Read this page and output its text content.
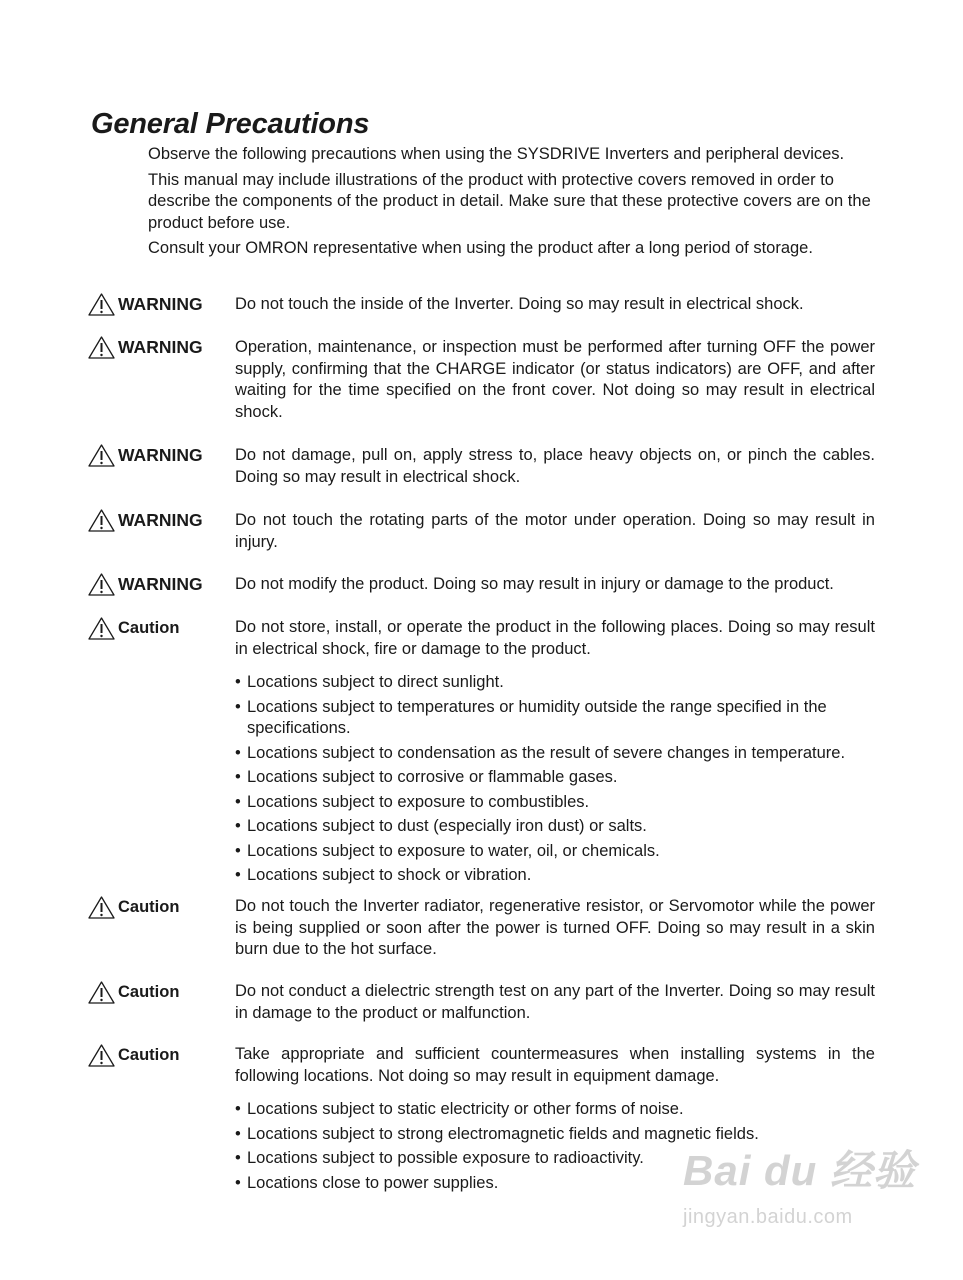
General Precautions

Observe the following precautions when using the SYSDRIVE Inverters and peripheral devices.

This manual may include illustrations of the product with protective covers removed in order to describe the components of the product in detail. Make sure that these protective covers are on the product before use.

Consult your OMRON representative when using the product after a long period of storage.

WARNING Do not touch the inside of the Inverter. Doing so may result in electrical shock.

WARNING Operation, maintenance, or inspection must be performed after turning OFF the power supply, confirming that the CHARGE indicator (or status indicators) are OFF, and after waiting for the time specified on the front cover. Not doing so may result in electrical shock.

WARNING Do not damage, pull on, apply stress to, place heavy objects on, or pinch the cables. Doing so may result in electrical shock.

WARNING Do not touch the rotating parts of the motor under operation. Doing so may result in injury.

WARNING Do not modify the product. Doing so may result in injury or damage to the product.

Caution	Do not store, install, or operate the product in the following places. Doing so may result in electrical shock, fire or damage to the product.

• Locations subject to direct sunlight.
• Locations subject to temperatures or humidity outside the range specified in the specifications.
• Locations subject to condensation as the result of severe changes in temperature.
• Locations subject to corrosive or flammable gases.
• Locations subject to exposure to combustibles.
• Locations subject to dust (especially iron dust) or salts.
• Locations subject to exposure to water, oil, or chemicals.
• Locations subject to shock or vibration.
Caution	Do not touch the Inverter radiator, regenerative resistor, or Servomotor while the power is being supplied or soon after the power is turned OFF. Doing so may result in a skin burn due to the hot surface.

Caution	Do not conduct a dielectric strength test on any part of the Inverter. Doing so may result in damage to the product or malfunction.

Caution	Take appropriate and sufficient countermeasures when installing systems in the following locations. Not doing so may result in equipment damage.

• Locations subject to static electricity or other forms of noise.
• Locations subject to strong electromagnetic fields and magnetic fields.
• Locations subject to possible exposure to radioactivity.
• Locations close to power supplies.	Bai du 经验
jingyan.baidu.com
